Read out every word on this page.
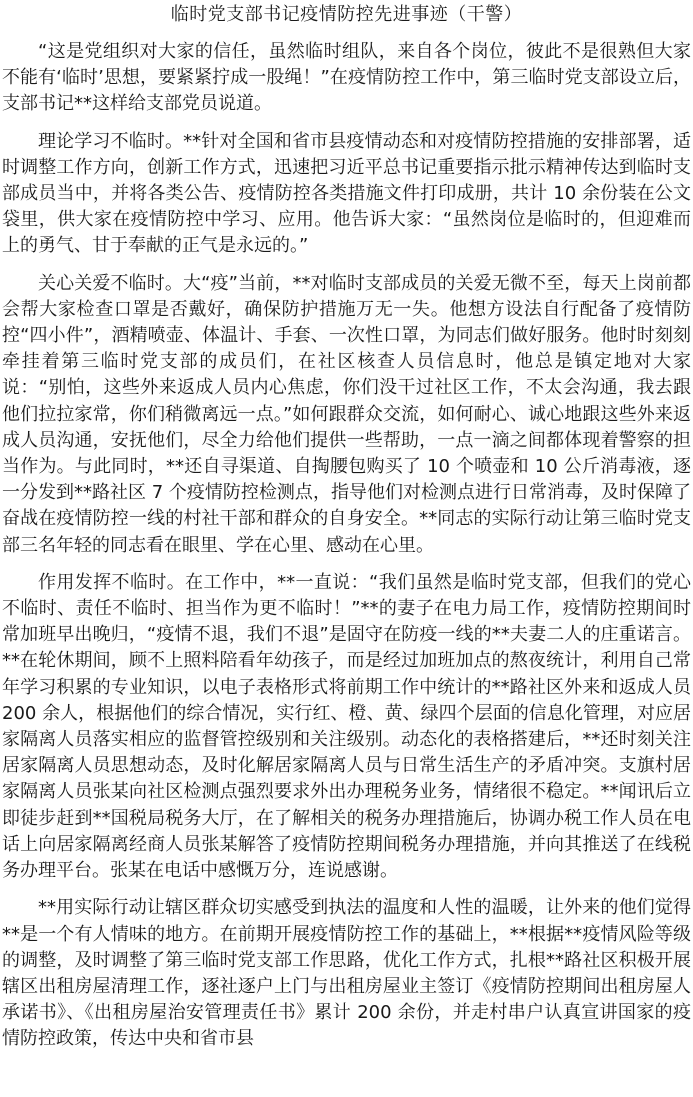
临时党支部书记疫情防控先进事迹（干警）

“这是党组织对大家的信任，虽然临时组队，来自各个岗位，彼此不是很熟但大家不能有‘临时’思想，要紧紧拧成一股绳！”在疫情防控工作中，第三临时党支部设立后，支部书记**这样给支部党员说道。

理论学习不临时。**针对全国和省市县疫情动态和对疫情防控措施的安排部署，适时调整工作方向，创新工作方式，迅速把习近平总书记重要指示批示精神传达到临时支部成员当中，并将各类公告、疫情防控各类措施文件打印成册，共计 10 余份装在公文袋里，供大家在疫情防控中学习、应用。他告诉大家：“虽然岗位是临时的，但迎难而上的勇气、甘于奉献的正气是永远的。”

关心关爱不临时。大“疫”当前，**对临时支部成员的关爱无微不至，每天上岗前都会帮大家检查口罩是否戴好，确保防护措施万无一失。他想方设法自行配备了疫情防控“四小件”，酒精喷壶、体温计、手套、一次性口罩，为同志们做好服务。他时时刻刻牵挂着第三临时党支部的成员们，在社区核查人员信息时，他总是镇定地对大家说：“别怕，这些外来返成人员内心焦虑，你们没干过社区工作，不太会沟通，我去跟他们拉拉家常，你们稍微离远一点。”如何跟群众交流，如何耐心、诚心地跟这些外来返成人员沟通，安抚他们，尽全力给他们提供一些帮助，一点一滴之间都体现着警察的担当作为。与此同时，**还自寻渠道、自掏腰包购买了 10 个喷壶和 10 公斤消毒液，逐一分发到**路社区 7 个疫情防控检测点，指导他们对检测点进行日常消毒，及时保障了奋战在疫情防控一线的村社干部和群众的自身安全。**同志的实际行动让第三临时党支部三名年轻的同志看在眼里、学在心里、感动在心里。

作用发挥不临时。在工作中，**一直说：“我们虽然是临时党支部，但我们的党心不临时、责任不临时、担当作为更不临时！”**的妻子在电力局工作，疫情防控期间时常加班早出晚归，“疫情不退，我们不退”是固守在防疫一线的**夫妻二人的庄重诺言。**在轮休期间，顾不上照料陪看年幼孩子，而是经过加班加点的熬夜统计，利用自己常年学习积累的专业知识，以电子表格形式将前期工作中统计的**路社区外来和返成人员 200 余人，根据他们的综合情况，实行红、橙、黄、绿四个层面的信息化管理，对应居家隔离人员落实相应的监督管控级别和关注级别。动态化的表格搭建后，**还时刻关注居家隔离人员思想动态，及时化解居家隔离人员与日常生活生产的矛盾冲突。支旗村居家隔离人员张某向社区检测点强烈要求外出办理税务业务，情绪很不稳定。**闻讯后立即徒步赶到**国税局税务大厅，在了解相关的税务办理措施后，协调办税工作人员在电话上向居家隔离经商人员张某解答了疫情防控期间税务办理措施，并向其推送了在线税务办理平台。张某在电话中感慨万分，连说感谢。

**用实际行动让辖区群众切实感受到执法的温度和人性的温暖，让外来的他们觉得**是一个有人情味的地方。在前期开展疫情防控工作的基础上，**根据**疫情风险等级的调整，及时调整了第三临时党支部工作思路，优化工作方式，扎根**路社区积极开展辖区出租房屋清理工作，逐社逐户上门与出租房屋业主签订《疫情防控期间出租房屋人承诺书》、《出租房屋治安管理责任书》累计 200 余份，并走村串户认真宣讲国家的疫情防控政策，传达中央和省市县
